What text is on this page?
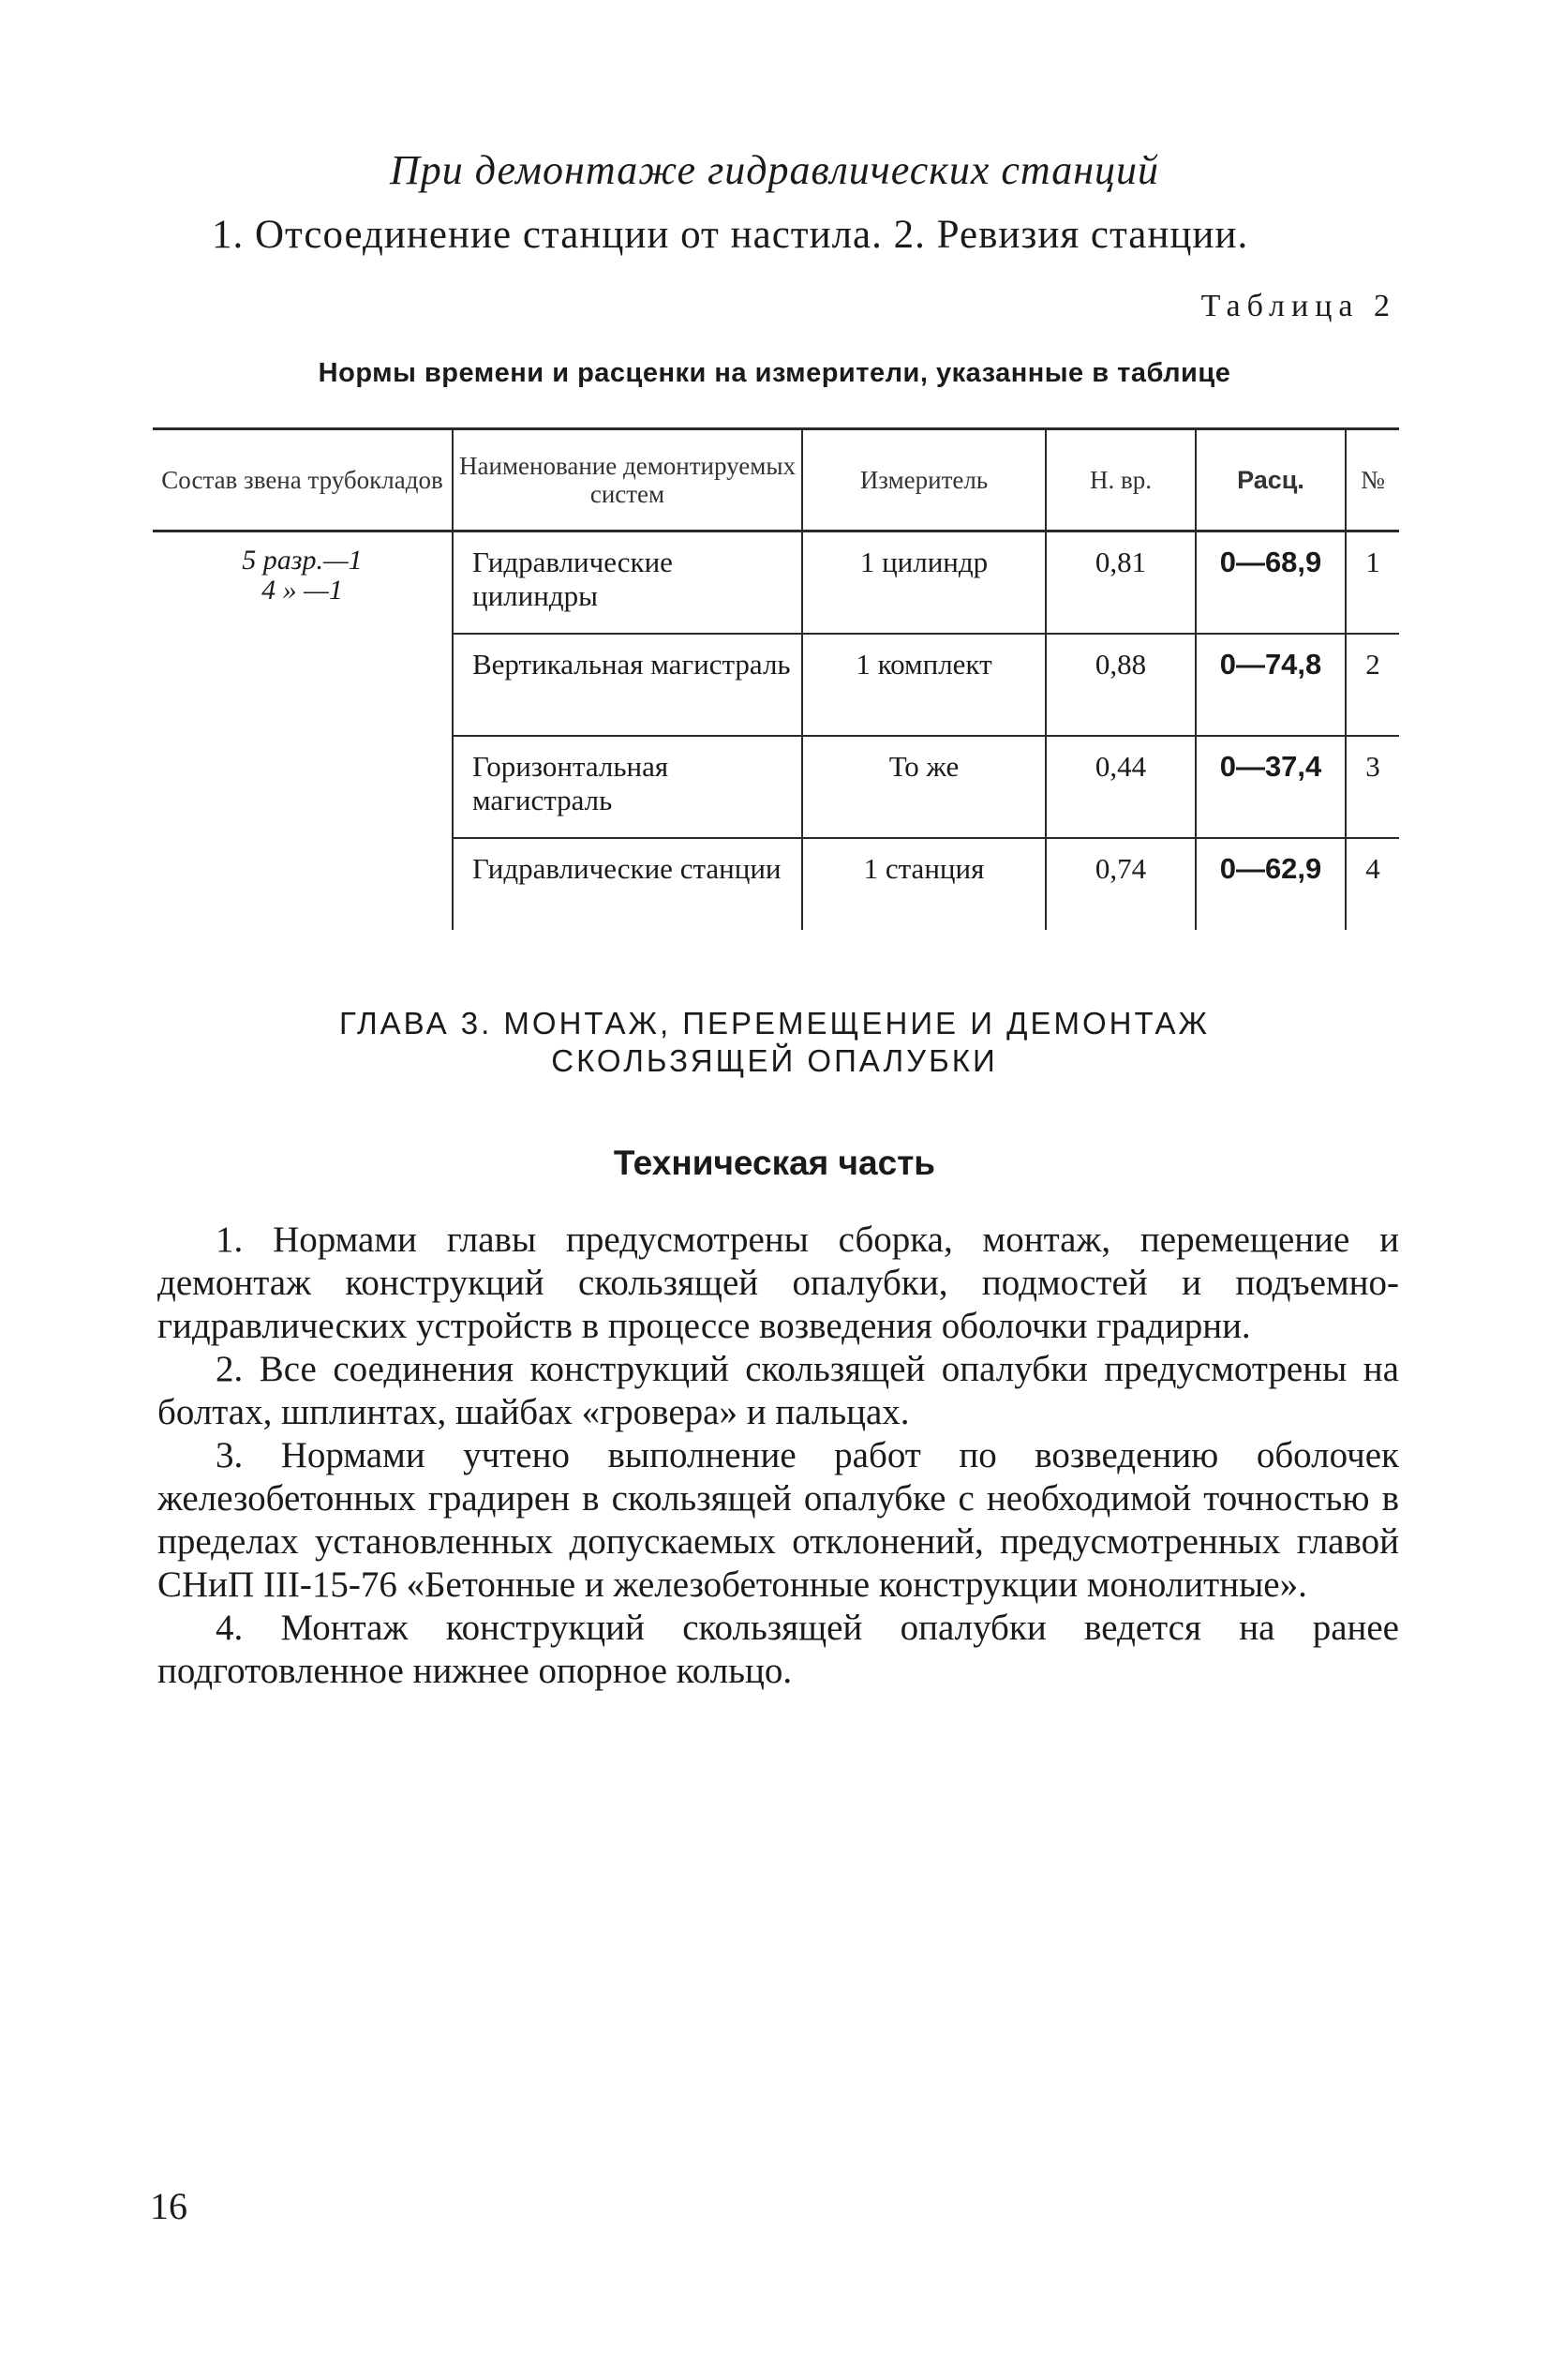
При демонтаже гидравлических станций
1. Отсоединение станции от настила. 2. Ревизия станции.
Таблица 2
Нормы времени и расценки на измерители, указанные в таблице
Состав звена трубокладов	Наименование демонтируемых систем	Измеритель	Н. вр.	Расц.	№

5 разр.—1
4 » —1	Гидравлические цилиндры	1 цилиндр	0,81	0—68,9	1
	Вертикальная магистраль	1 комплект	0,88	0—74,8	2
	Горизонтальная магистраль	То же	0,44	0—37,4	3
	Гидравлические станции	1 станция	0,74	0—62,9	4
ГЛАВА 3. МОНТАЖ, ПЕРЕМЕЩЕНИЕ И ДЕМОНТАЖ
СКОЛЬЗЯЩЕЙ ОПАЛУБКИ
Техническая часть

1. Нормами главы предусмотрены сборка, монтаж, перемещение и демонтаж конструкций скользящей опалубки, подмостей и подъемно-гидравлических устройств в процессе возведения оболочки градирни.

2. Все соединения конструкций скользящей опалубки предусмотрены на болтах, шплинтах, шайбах «гровера» и пальцах.

3. Нормами учтено выполнение работ по возведению оболочек железобетонных градирен в скользящей опалубке с необходимой точностью в пределах установленных допускаемых отклонений, предусмотренных главой СНиП III-15-76 «Бетонные и железобетонные конструкции монолитные».

4. Монтаж конструкций скользящей опалубки ведется на ранее подготовленное нижнее опорное кольцо.

16
